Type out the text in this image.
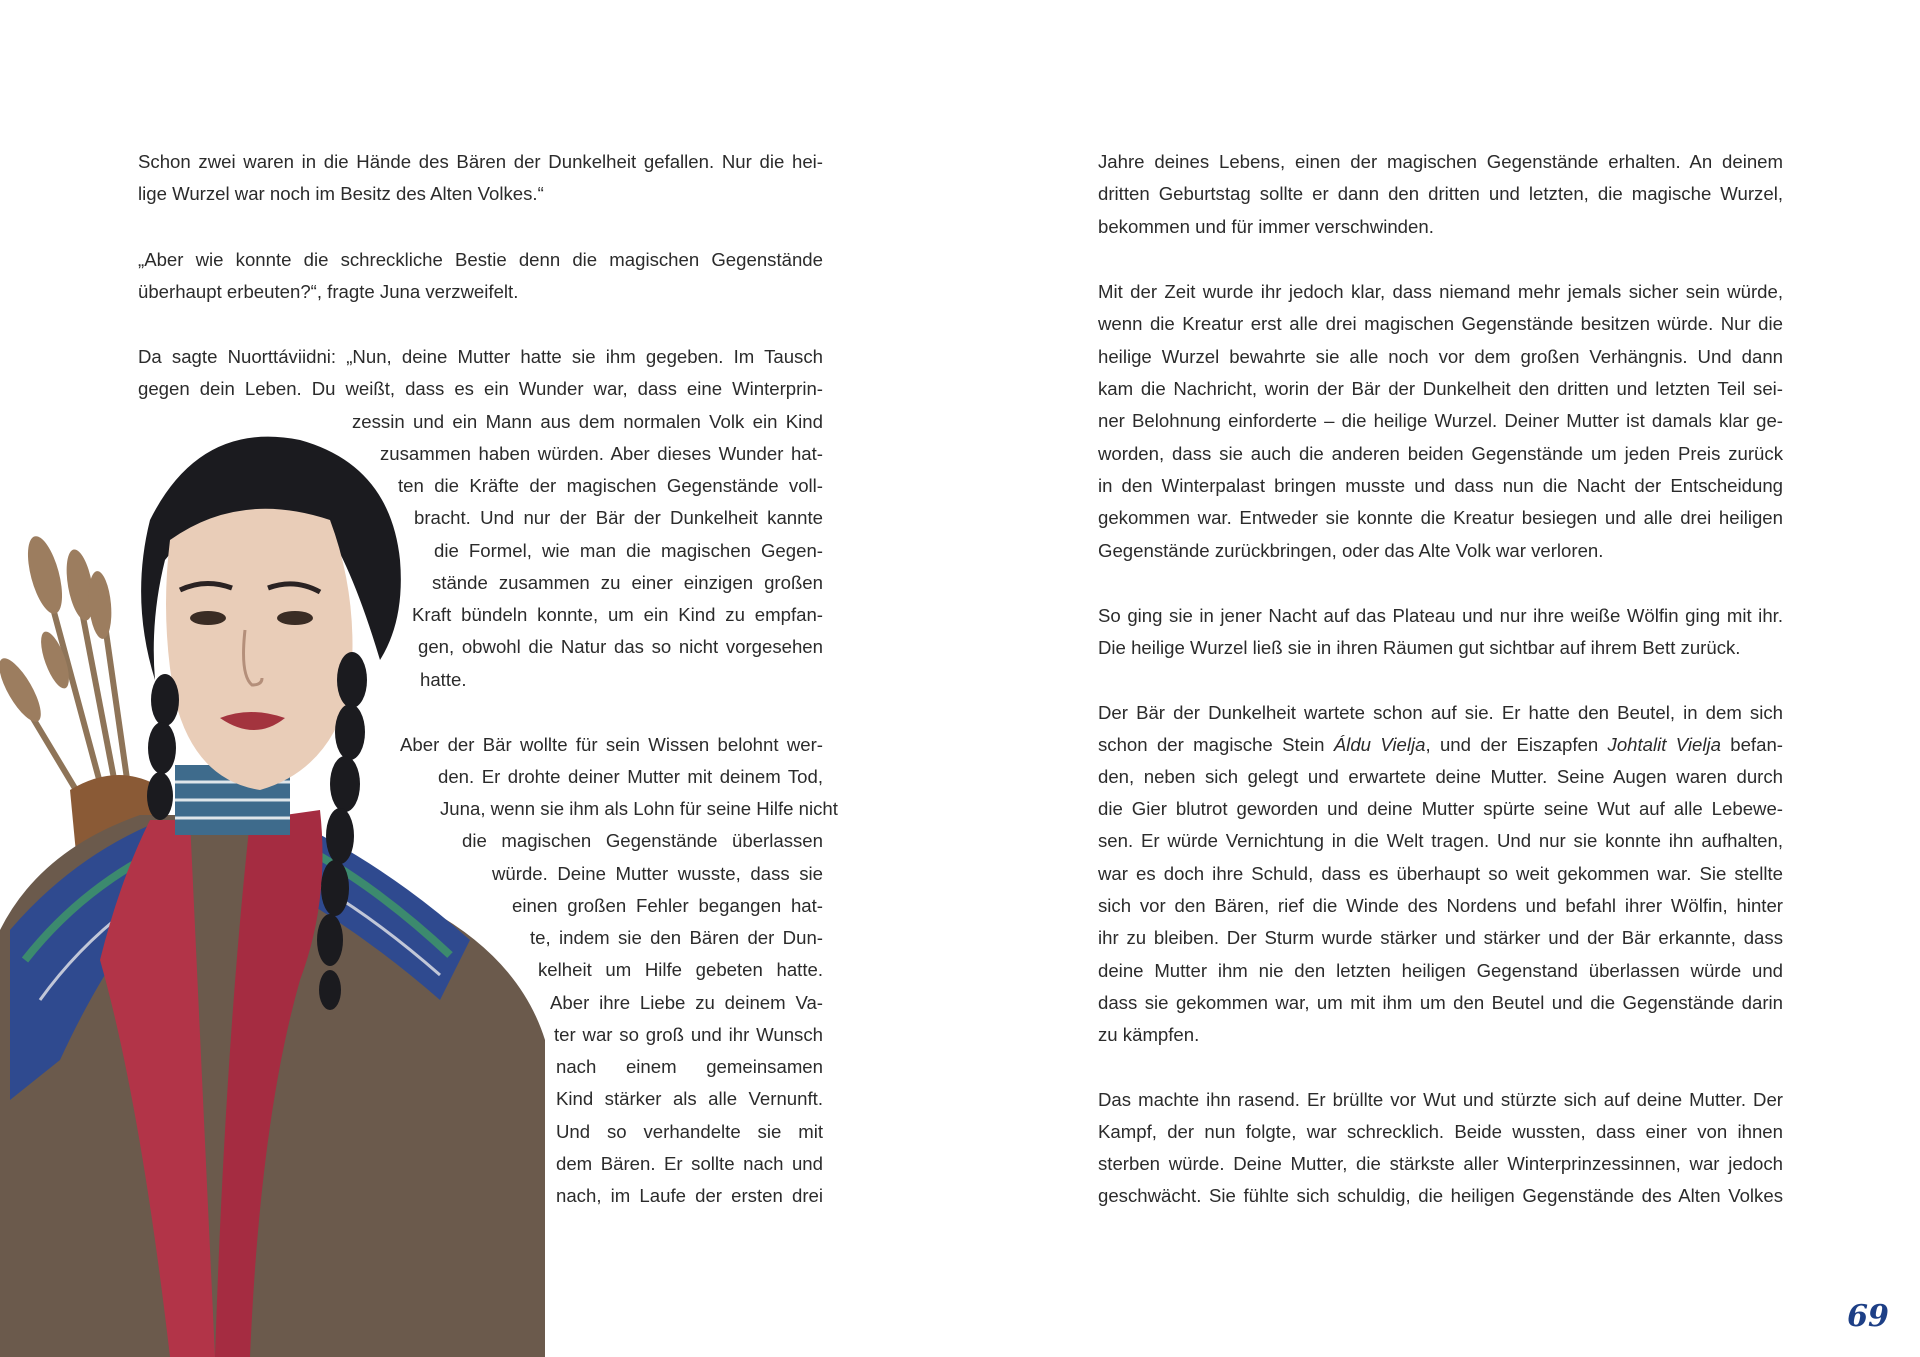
Schon zwei waren in die Hände des Bären der Dunkelheit gefallen. Nur die hei-
lige Wurzel war noch im Besitz des Alten Volkes.“
„Aber wie konnte die schreckliche Bestie denn die magischen Gegenstände
überhaupt erbeuten?“, fragte Juna verzweifelt.
Da sagte Nuorttáviidni: „Nun, deine Mutter hatte sie ihm gegeben. Im Tausch
gegen dein Leben. Du weißt, dass es ein Wunder war, dass eine Winterprin-
zessin und ein Mann aus dem normalen Volk ein Kind
zusammen haben würden. Aber dieses Wunder hat-
ten die Kräfte der magischen Gegenstände voll-
bracht. Und nur der Bär der Dunkelheit kannte
die Formel, wie man die magischen Gegen-
stände zusammen zu einer einzigen großen
Kraft bündeln konnte, um ein Kind zu empfan-
gen, obwohl die Natur das so nicht vorgesehen
hatte.
Aber der Bär wollte für sein Wissen belohnt wer-
den. Er drohte deiner Mutter mit deinem Tod,
Juna, wenn sie ihm als Lohn für seine Hilfe nicht
die magischen Gegenstände überlassen
würde. Deine Mutter wusste, dass sie
einen großen Fehler begangen hat-
te, indem sie den Bären der Dun-
kelheit um Hilfe gebeten hatte.
Aber ihre Liebe zu deinem Va-
ter war so groß und ihr Wunsch
nach einem gemeinsamen
Kind stärker als alle Vernunft.
Und so verhandelte sie mit
dem Bären. Er sollte nach und
nach, im Laufe der ersten drei
Jahre deines Lebens, einen der magischen Gegenstände erhalten. An deinem
dritten Geburtstag sollte er dann den dritten und letzten, die magische Wurzel,
bekommen und für immer verschwinden.
Mit der Zeit wurde ihr jedoch klar, dass niemand mehr jemals sicher sein würde,
wenn die Kreatur erst alle drei magischen Gegenstände besitzen würde. Nur die
heilige Wurzel bewahrte sie alle noch vor dem großen Verhängnis. Und dann
kam die Nachricht, worin der Bär der Dunkelheit den dritten und letzten Teil sei-
ner Belohnung einforderte – die heilige Wurzel. Deiner Mutter ist damals klar ge-
worden, dass sie auch die anderen beiden Gegenstände um jeden Preis zurück
in den Winterpalast bringen musste und dass nun die Nacht der Entscheidung
gekommen war. Entweder sie konnte die Kreatur besiegen und alle drei heiligen
Gegenstände zurückbringen, oder das Alte Volk war verloren.
So ging sie in jener Nacht auf das Plateau und nur ihre weiße Wölfin ging mit ihr.
Die heilige Wurzel ließ sie in ihren Räumen gut sichtbar auf ihrem Bett zurück.
Der Bär der Dunkelheit wartete schon auf sie. Er hatte den Beutel, in dem sich
schon der magische Stein Áldu Vielja, und der Eiszapfen Johtalit Vielja befan-
den, neben sich gelegt und erwartete deine Mutter. Seine Augen waren durch
die Gier blutrot geworden und deine Mutter spürte seine Wut auf alle Lebewe-
sen. Er würde Vernichtung in die Welt tragen. Und nur sie konnte ihn aufhalten,
war es doch ihre Schuld, dass es überhaupt so weit gekommen war. Sie stellte
sich vor den Bären, rief die Winde des Nordens und befahl ihrer Wölfin, hinter
ihr zu bleiben. Der Sturm wurde stärker und stärker und der Bär erkannte, dass
deine Mutter ihm nie den letzten heiligen Gegenstand überlassen würde und
dass sie gekommen war, um mit ihm um den Beutel und die Gegenstände darin
zu kämpfen.
Das machte ihn rasend. Er brüllte vor Wut und stürzte sich auf deine Mutter. Der
Kampf, der nun folgte, war schrecklich. Beide wussten, dass einer von ihnen
sterben würde. Deine Mutter, die stärkste aller Winterprinzessinnen, war jedoch
geschwächt. Sie fühlte sich schuldig, die heiligen Gegenstände des Alten Volkes
69
